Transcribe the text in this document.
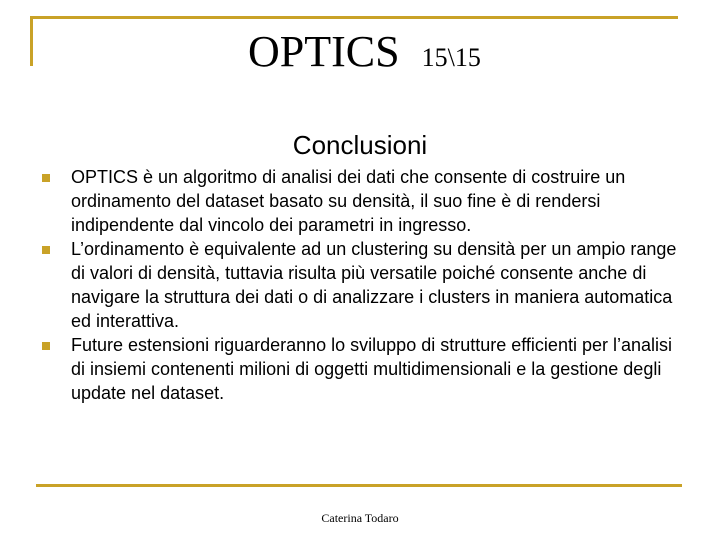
OPTICS 15\15
Conclusioni
OPTICS è un algoritmo di analisi dei dati che consente di costruire un ordinamento del dataset basato su densità, il suo fine è di rendersi indipendente dal vincolo dei parametri in ingresso.
L’ordinamento è equivalente ad un clustering su densità per un ampio range di valori di densità, tuttavia risulta più versatile poiché consente anche di navigare la struttura dei dati o di analizzare i clusters in maniera automatica ed interattiva.
Future estensioni riguarderanno lo sviluppo di strutture efficienti per l’analisi di insiemi contenenti milioni di oggetti multidimensionali e la gestione degli update nel dataset.
Caterina Todaro
